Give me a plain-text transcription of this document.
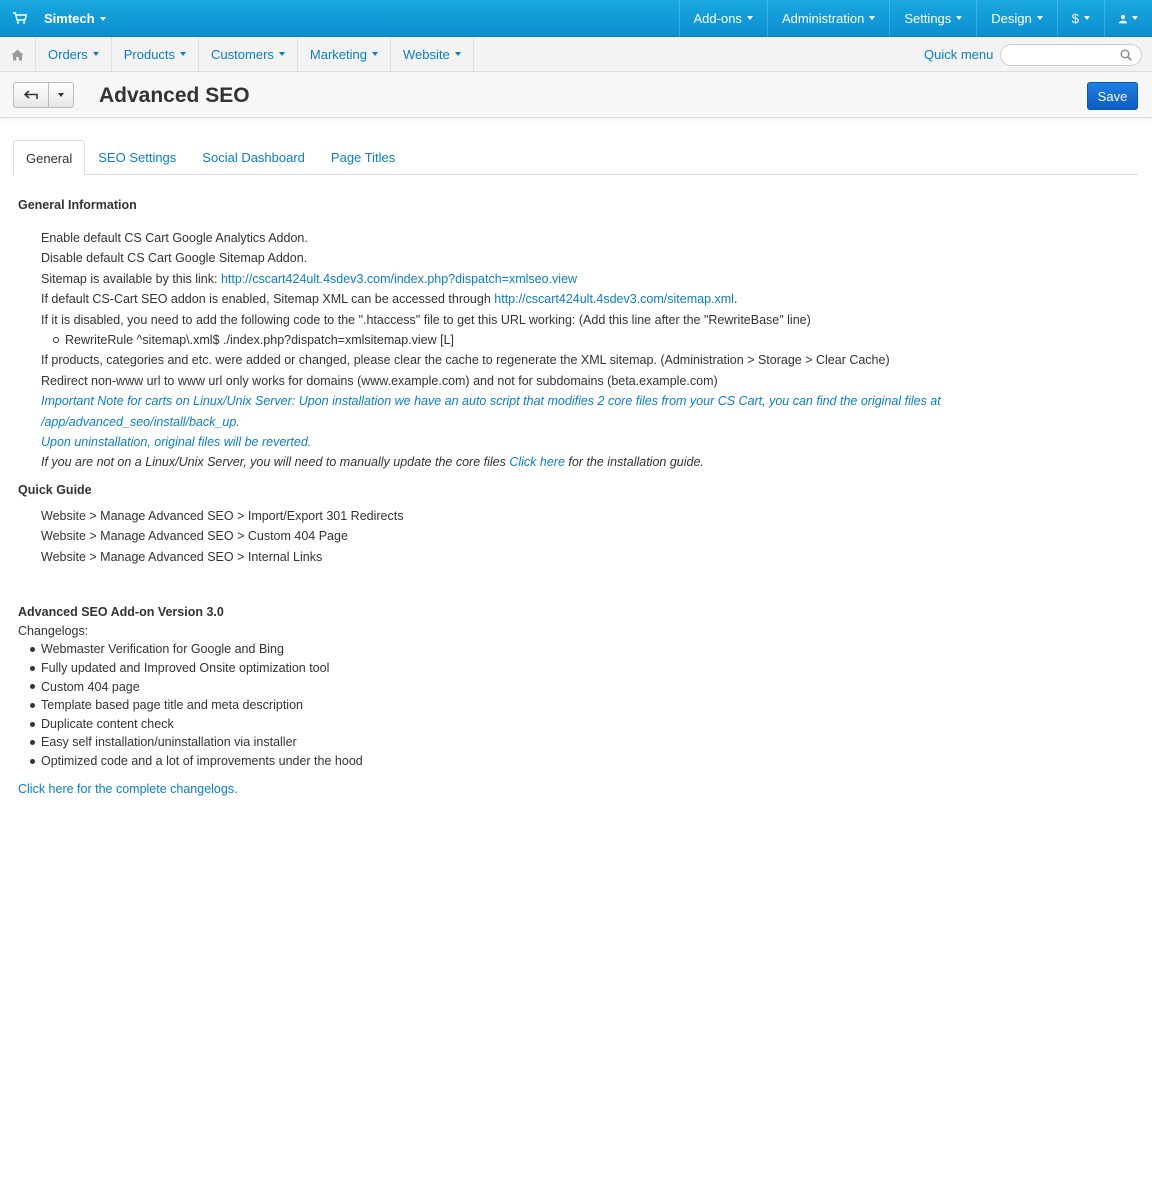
Simtech	Add-ons	Administration	Settings	Design	$
Orders	Products	Customers	Marketing	Website	Quick menu
Advanced SEO	Save
General	SEO Settings	Social Dashboard	Page Titles
General Information
Enable default CS Cart Google Analytics Addon.
Disable default CS Cart Google Sitemap Addon.
Sitemap is available by this link: http://cscart424ult.4sdev3.com/index.php?dispatch=xmlseo.view
If default CS-Cart SEO addon is enabled, Sitemap XML can be accessed through http://cscart424ult.4sdev3.com/sitemap.xml.
If it is disabled, you need to add the following code to the ".htaccess" file to get this URL working: (Add this line after the "RewriteBase" line)
RewriteRule ^sitemap\.xml$ ./index.php?dispatch=xmlsitemap.view [L]
If products, categories and etc. were added or changed, please clear the cache to regenerate the XML sitemap. (Administration > Storage > Clear Cache)
Redirect non-www url to www url only works for domains (www.example.com) and not for subdomains (beta.example.com)
Important Note for carts on Linux/Unix Server: Upon installation we have an auto script that modifies 2 core files from your CS Cart, you can find the original files at /app/advanced_seo/install/back_up.
Upon uninstallation, original files will be reverted.
If you are not on a Linux/Unix Server, you will need to manually update the core files Click here for the installation guide.
Quick Guide
Website > Manage Advanced SEO > Import/Export 301 Redirects
Website > Manage Advanced SEO > Custom 404 Page
Website > Manage Advanced SEO > Internal Links
Advanced SEO Add-on Version 3.0
Changelogs:
Webmaster Verification for Google and Bing
Fully updated and Improved Onsite optimization tool
Custom 404 page
Template based page title and meta description
Duplicate content check
Easy self installation/uninstallation via installer
Optimized code and a lot of improvements under the hood
Click here for the complete changelogs.
